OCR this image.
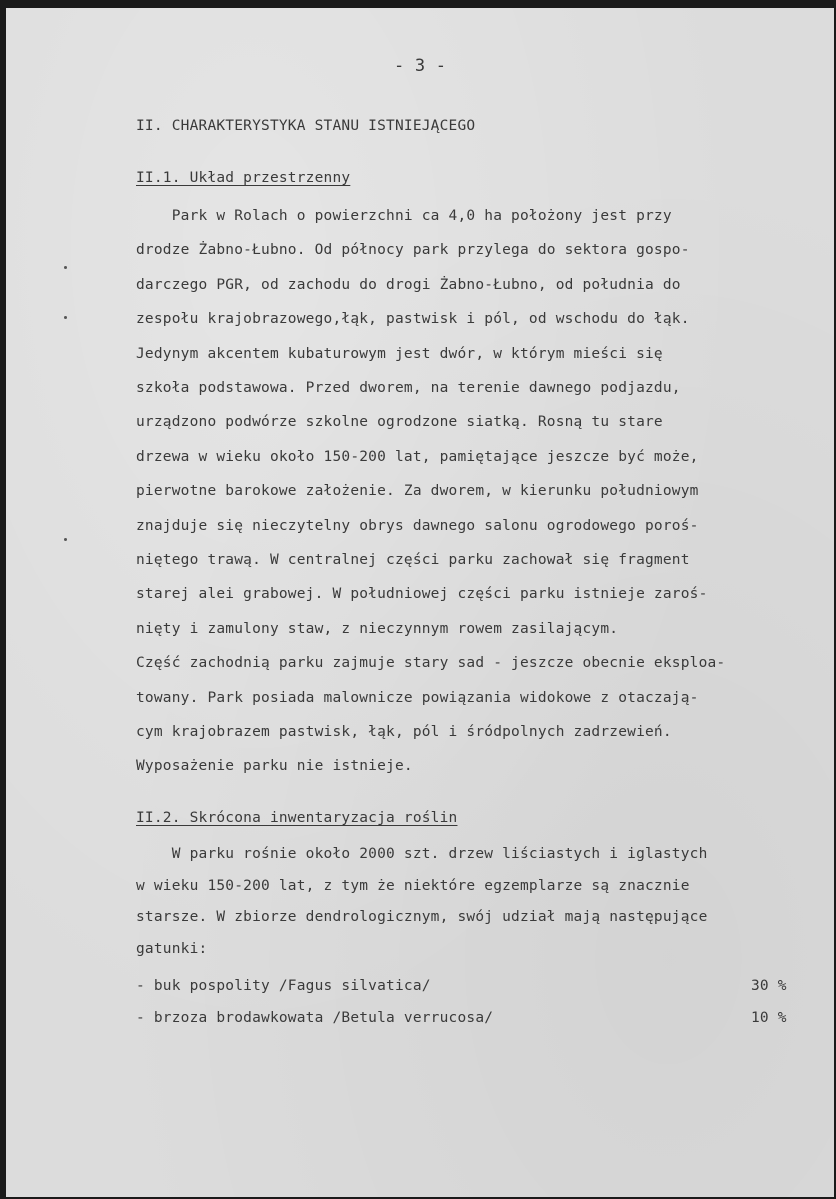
- 3 -
II. CHARAKTERYSTYKA STANU ISTNIEJĄCEGO
II.1. Układ przestrzenny
Park w Rolach o powierzchni ca 4,0 ha położony jest przy
drodze Żabno-Łubno. Od północy park przylega do sektora gospo-
darczego PGR, od zachodu do drogi Żabno-Łubno, od południa do
zespołu krajobrazowego,łąk, pastwisk i pól, od wschodu do łąk.
Jedynym akcentem kubaturowym jest dwór, w którym mieści się
szkoła podstawowa. Przed dworem, na terenie dawnego podjazdu,
urządzono podwórze szkolne ogrodzone siatką. Rosną tu stare
drzewa w wieku około 150-200 lat, pamiętające jeszcze być może,
pierwotne barokowe założenie. Za dworem, w kierunku południowym
znajduje się nieczytelny obrys dawnego salonu ogrodowego poroś-
niętego trawą. W centralnej części parku zachował się fragment
starej alei grabowej. W południowej części parku istnieje zaroś-
nięty i zamulony staw, z nieczynnym rowem zasilającym.
Część zachodnią parku zajmuje stary sad - jeszcze obecnie eksploa-
towany. Park posiada malownicze powiązania widokowe z otaczają-
cym krajobrazem pastwisk, łąk, pól i śródpolnych zadrzewień.
Wyposażenie parku nie istnieje.
II.2. Skrócona inwentaryzacja roślin
W parku rośnie około 2000 szt. drzew liściastych i iglastych
w wieku 150-200 lat, z tym że niektóre egzemplarze są znacznie
starsze. W zbiorze dendrologicznym, swój udział mają następujące
gatunki:
- buk pospolity /Fagus silvatica/	30 %
- brzoza brodawkowata /Betula verrucosa/	10 %
